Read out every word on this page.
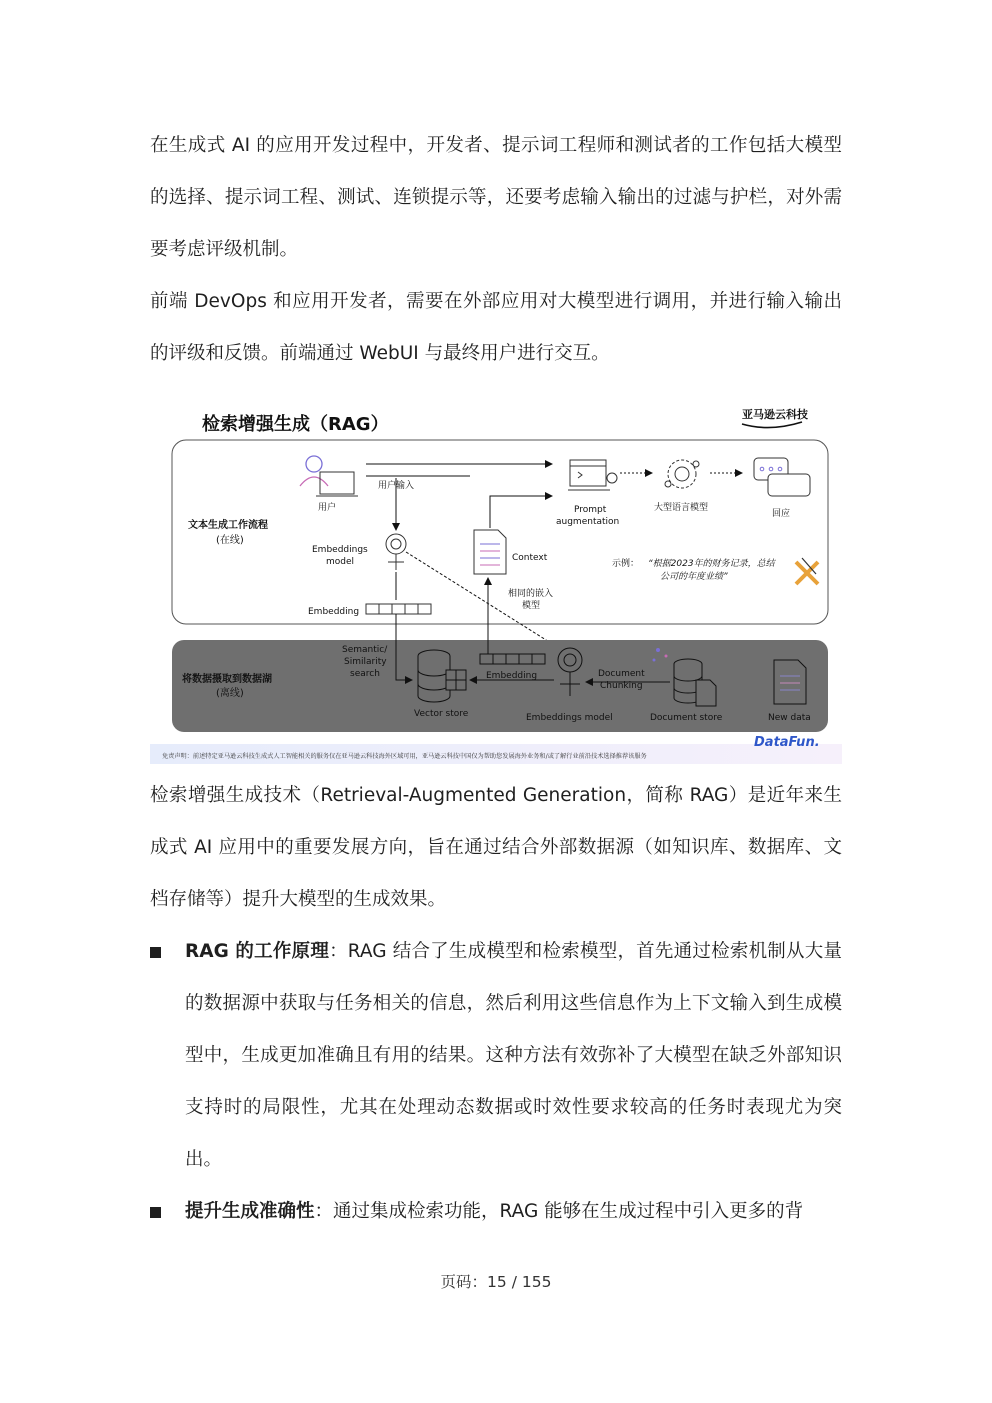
在生成式 AI 的应用开发过程中，开发者、提示词工程师和测试者的工作包括大模型的选择、提示词工程、测试、连锁提示等，还要考虑输入输出的过滤与护栏，对外需要考虑评级机制。

前端 DevOps 和应用开发者，需要在外部应用对大模型进行调用，并进行输入输出的评级和反馈。前端通过 WebUI 与最终用户进行交互。

检索增强生成（RAG）	亚马逊云科技
文本生成工作流程
(在线)
用户
用户输入
Prompt
augmentation
大型语言模型
回应
Embeddings
model
Embedding
Context
相同的嵌入
模型
示例： “根据2023年的财务记录，总结
公司的年度业绩”
将数据摄取到数据湖
(离线)
Semantic/
Similarity
search
Vector store
Embedding
Embeddings model
Document
Chunking
Document store	New data
免责声明：前述特定亚马逊云科技生成式人工智能相关的服务仅在亚马逊云科技海外区域可用，亚马逊云科技中国仅为帮助您发展海外业务和/或了解行业前沿技术选择推荐该服务
DataFun.

检索增强生成技术（Retrieval-Augmented Generation，简称 RAG）是近年来生成式 AI 应用中的重要发展方向，旨在通过结合外部数据源（如知识库、数据库、文档存储等）提升大模型的生成效果。

RAG 的工作原理：RAG 结合了生成模型和检索模型，首先通过检索机制从大量的数据源中获取与任务相关的信息，然后利用这些信息作为上下文输入到生成模型中，生成更加准确且有用的结果。这种方法有效弥补了大模型在缺乏外部知识支持时的局限性，尤其在处理动态数据或时效性要求较高的任务时表现尤为突出。
提升生成准确性：通过集成检索功能，RAG 能够在生成过程中引入更多的背
页码：15 / 155
